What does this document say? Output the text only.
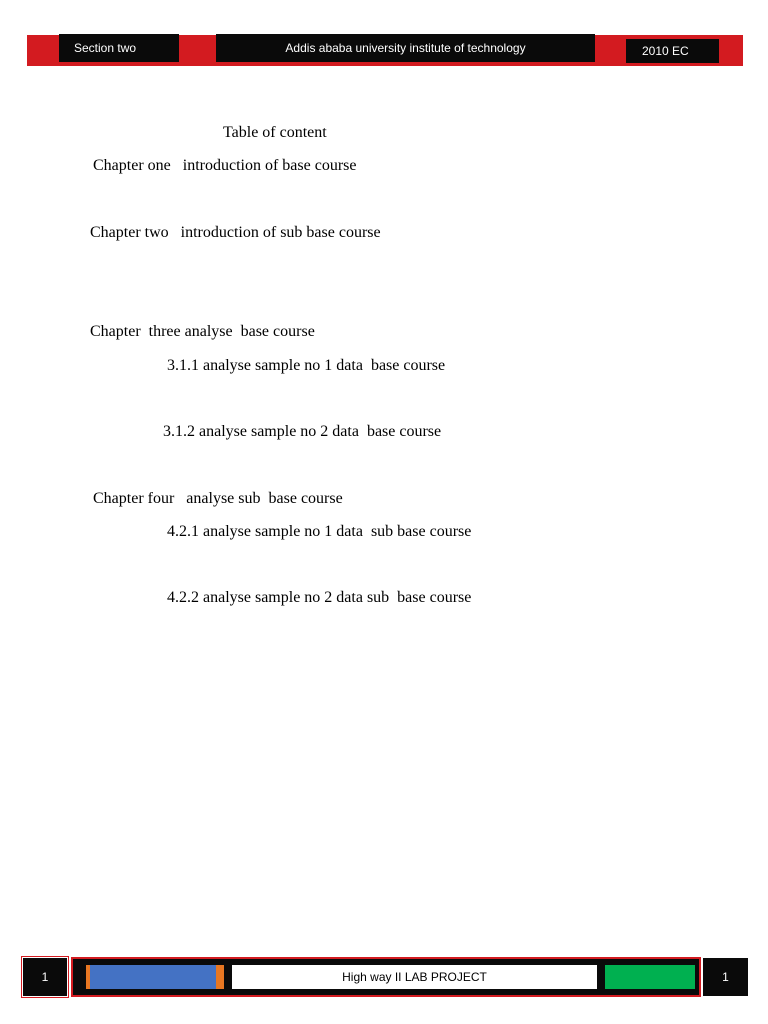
Section two	Addis ababa university institute of technology	2010 EC
Table of content
Chapter one   introduction of base course
Chapter two   introduction of sub base course
Chapter  three analyse  base course
3.1.1 analyse sample no 1 data  base course
3.1.2 analyse sample no 2 data  base course
Chapter four   analyse sub  base course
4.2.1 analyse sample no 1 data  sub base course
4.2.2 analyse sample no 2 data sub  base course
1	High way II LAB PROJECT	1
